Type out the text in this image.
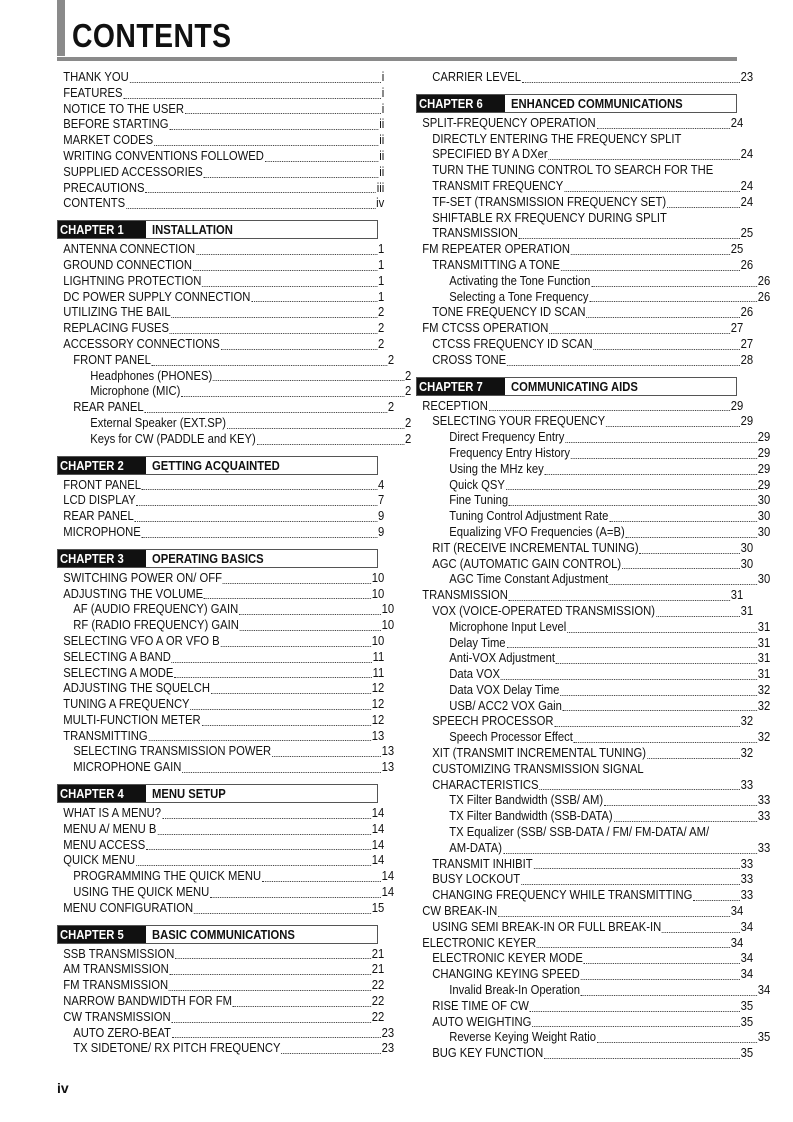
CONTENTS
THANK YOU	i
FEATURES	i
NOTICE TO THE USER	i
BEFORE STARTING	ii
MARKET CODES	ii
WRITING CONVENTIONS FOLLOWED	ii
SUPPLIED ACCESSORIES	ii
PRECAUTIONS	iii
CONTENTS	iv
CHAPTER 1	INSTALLATION
ANTENNA CONNECTION	1
GROUND CONNECTION	1
LIGHTNING PROTECTION	1
DC POWER SUPPLY CONNECTION	1
UTILIZING THE BAIL	2
REPLACING FUSES	2
ACCESSORY CONNECTIONS	2
FRONT PANEL	2
Headphones (PHONES)	2
Microphone (MIC)	2
REAR PANEL	2
External Speaker (EXT.SP)	2
Keys for CW (PADDLE and KEY)	2
CHAPTER 2	GETTING ACQUAINTED
FRONT PANEL	4
LCD DISPLAY	7
REAR PANEL	9
MICROPHONE	9
CHAPTER 3	OPERATING BASICS
SWITCHING POWER ON/ OFF	10
ADJUSTING THE VOLUME	10
AF (AUDIO FREQUENCY) GAIN	10
RF (RADIO FREQUENCY) GAIN	10
SELECTING VFO A OR VFO B	10
SELECTING A BAND	11
SELECTING A MODE	11
ADJUSTING THE SQUELCH	12
TUNING A FREQUENCY	12
MULTI-FUNCTION METER	12
TRANSMITTING	13
SELECTING TRANSMISSION POWER	13
MICROPHONE GAIN	13
CHAPTER 4	MENU SETUP
WHAT IS A MENU?	14
MENU A/ MENU B	14
MENU ACCESS	14
QUICK MENU	14
PROGRAMMING THE QUICK MENU	14
USING THE QUICK MENU	14
MENU CONFIGURATION	15
CHAPTER 5	BASIC COMMUNICATIONS
SSB TRANSMISSION	21
AM TRANSMISSION	21
FM TRANSMISSION	22
NARROW BANDWIDTH FOR FM	22
CW TRANSMISSION	22
AUTO ZERO-BEAT	23
TX SIDETONE/ RX PITCH FREQUENCY	23
CARRIER LEVEL	23
CHAPTER 6	ENHANCED COMMUNICATIONS
SPLIT-FREQUENCY OPERATION	24
DIRECTLY ENTERING THE FREQUENCY SPLIT
SPECIFIED BY A DXer	24
TURN THE TUNING CONTROL TO SEARCH FOR THE
TRANSMIT FREQUENCY	24
TF-SET (TRANSMISSION FREQUENCY SET)	24
SHIFTABLE RX FREQUENCY DURING SPLIT
TRANSMISSION	25
FM REPEATER OPERATION	25
TRANSMITTING A TONE	26
Activating the Tone Function	26
Selecting a Tone Frequency	26
TONE FREQUENCY ID SCAN	26
FM CTCSS OPERATION	27
CTCSS FREQUENCY ID SCAN	27
CROSS TONE	28
CHAPTER 7	COMMUNICATING AIDS
RECEPTION	29
SELECTING YOUR FREQUENCY	29
Direct Frequency Entry	29
Frequency Entry History	29
Using the MHz key	29
Quick QSY	29
Fine Tuning	30
Tuning Control Adjustment Rate	30
Equalizing VFO Frequencies (A=B)	30
RIT (RECEIVE INCREMENTAL TUNING)	30
AGC (AUTOMATIC GAIN CONTROL)	30
AGC Time Constant Adjustment	30
TRANSMISSION	31
VOX (VOICE-OPERATED TRANSMISSION)	31
Microphone Input Level	31
Delay Time	31
Anti-VOX Adjustment	31
Data VOX	31
Data VOX Delay Time	32
USB/ ACC2 VOX Gain	32
SPEECH PROCESSOR	32
Speech Processor Effect	32
XIT (TRANSMIT INCREMENTAL TUNING)	32
CUSTOMIZING TRANSMISSION SIGNAL
CHARACTERISTICS	33
TX Filter Bandwidth (SSB/ AM)	33
TX Filter Bandwidth (SSB-DATA)	33
TX Equalizer (SSB/ SSB-DATA / FM/ FM-DATA/ AM/
AM-DATA)	33
TRANSMIT INHIBIT	33
BUSY LOCKOUT	33
CHANGING FREQUENCY WHILE TRANSMITTING	33
CW BREAK-IN	34
USING SEMI BREAK-IN OR FULL BREAK-IN	34
ELECTRONIC KEYER	34
ELECTRONIC KEYER MODE	34
CHANGING KEYING SPEED	34
Invalid Break-In Operation	34
RISE TIME OF CW	35
AUTO WEIGHTING	35
Reverse Keying Weight Ratio	35
BUG KEY FUNCTION	35
iv
